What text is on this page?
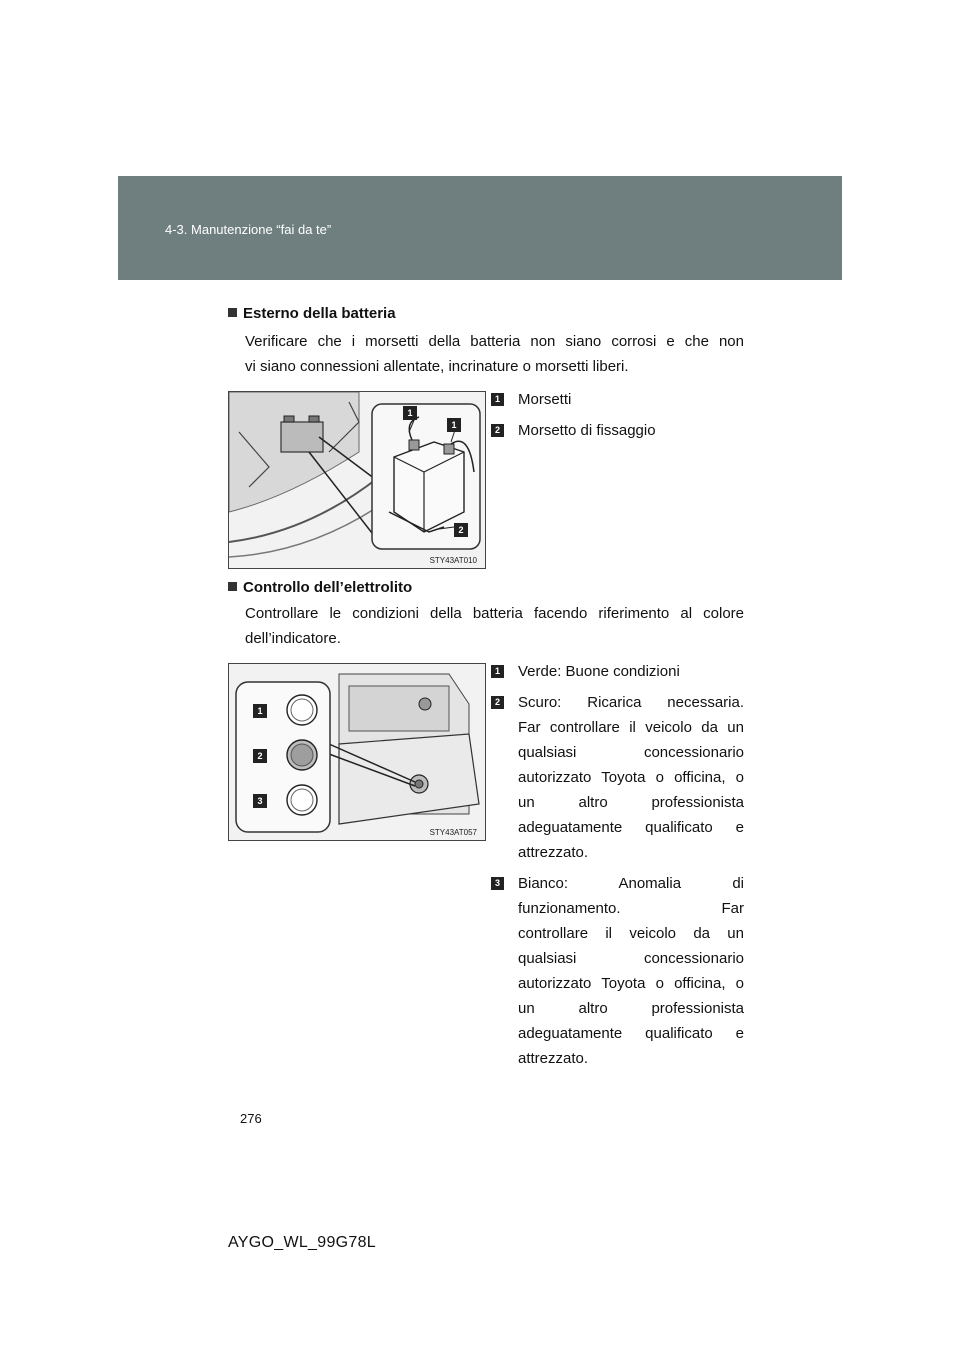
4-3. Manutenzione “fai da te”
Esterno della batteria
Verificare che i morsetti della batteria non siano corrosi e che non
vi siano connessioni allentate, incrinature o morsetti liberi.
1
1
2
STY43AT010
1 Morsetti
2 Morsetto di fissaggio
Controllo dell’elettrolito
Controllare le condizioni della batteria facendo riferimento al colore
dell’indicatore.
1
2
3
STY43AT057
1 Verde: Buone condizioni
2 Scuro: Ricarica necessaria.
Far controllare il veicolo da un
qualsiasi concessionario
autorizzato Toyota o officina, o
un altro professionista
adeguatamente qualificato e
attrezzato.
3 Bianco: Anomalia di
funzionamento. Far
controllare il veicolo da un
qualsiasi concessionario
autorizzato Toyota o officina, o
un altro professionista
adeguatamente qualificato e
attrezzato.
276
AYGO_WL_99G78L
